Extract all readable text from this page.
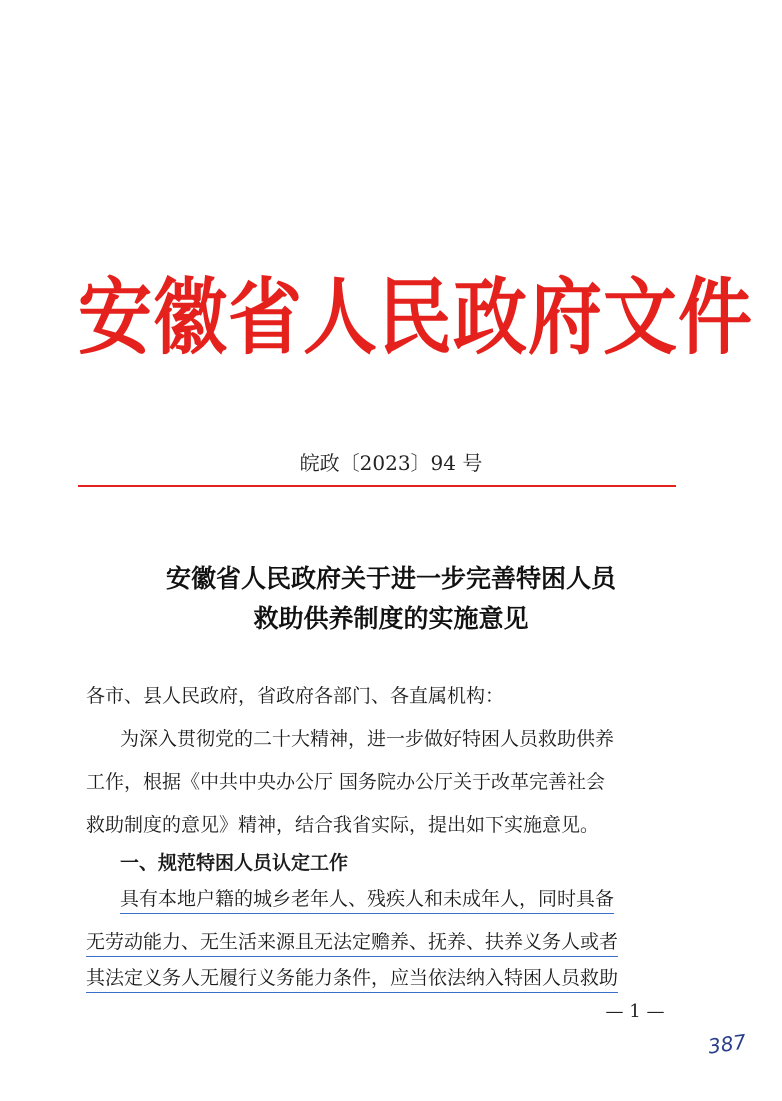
安徽省人民政府文件
皖政〔2023〕94 号
安徽省人民政府关于进一步完善特困人员
救助供养制度的实施意见
各市、县人民政府，省政府各部门、各直属机构：
为深入贯彻党的二十大精神，进一步做好特困人员救助供养
工作，根据《中共中央办公厅 国务院办公厅关于改革完善社会
救助制度的意见》精神，结合我省实际，提出如下实施意见。
一、规范特困人员认定工作
具有本地户籍的城乡老年人、残疾人和未成年人，同时具备
无劳动能力、无生活来源且无法定赡养、抚养、扶养义务人或者
其法定义务人无履行义务能力条件，应当依法纳入特困人员救助
— 1 —
387
